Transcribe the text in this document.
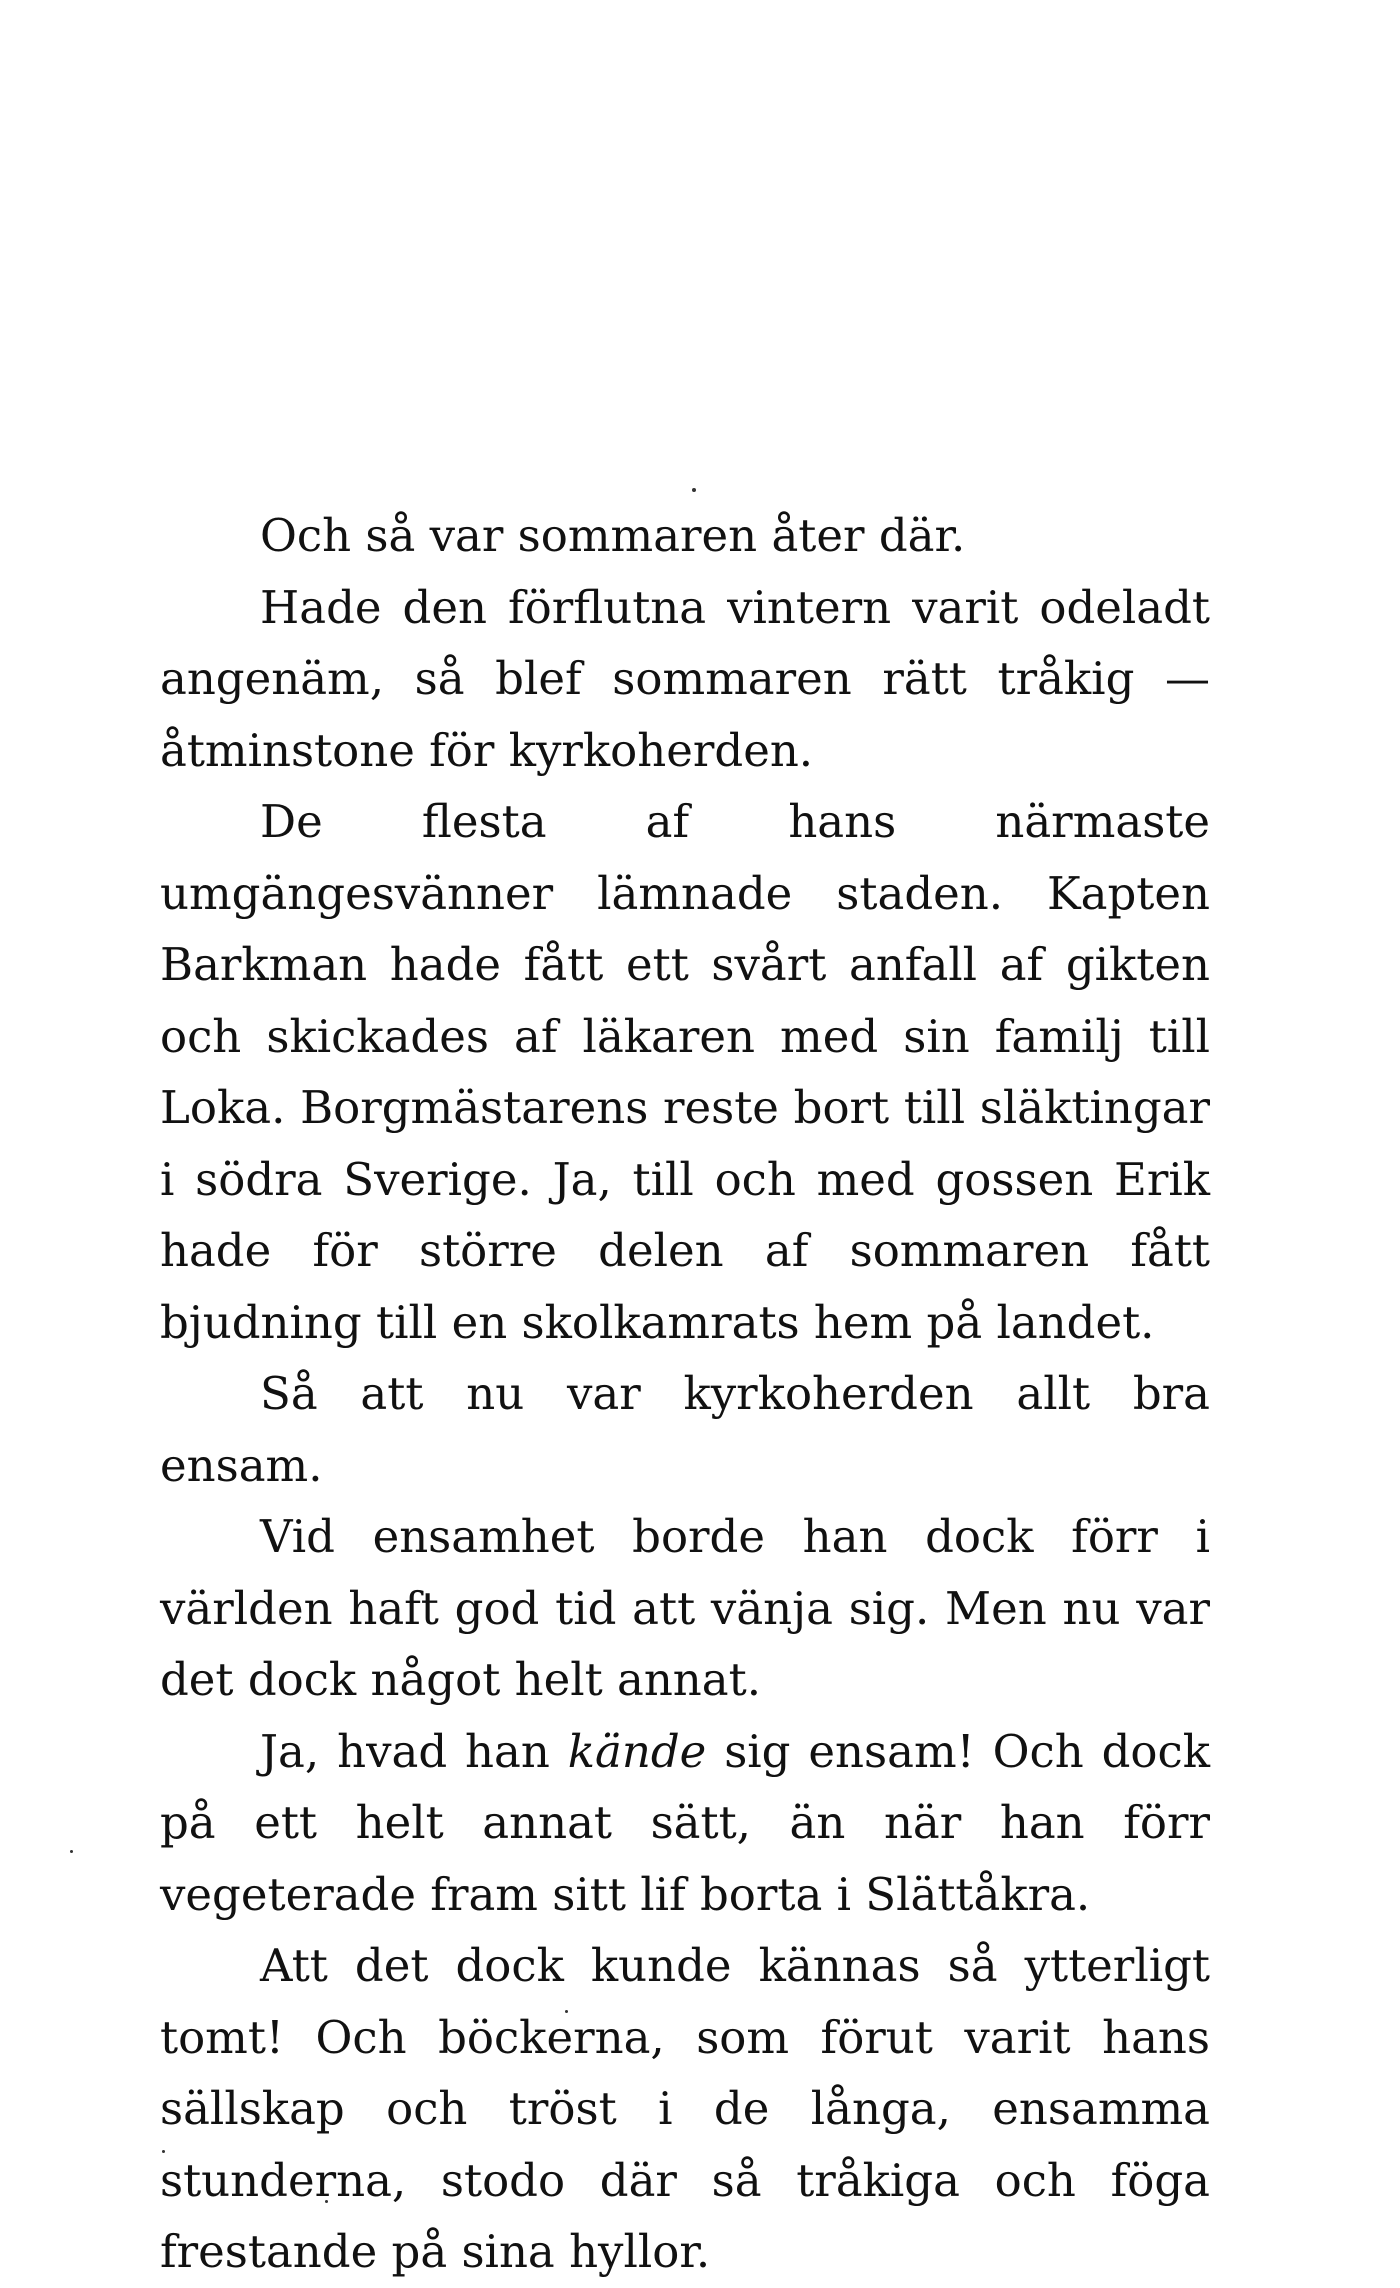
Och så var sommaren åter där.

Hade den förflutna vintern varit odeladt angenäm, så blef sommaren rätt tråkig — åtminstone för kyrkoherden.

De flesta af hans närmaste umgängesvänner lämnade staden. Kapten Barkman hade fått ett svårt anfall af gikten och skickades af läkaren med sin familj till Loka. Borgmästarens reste bort till släktingar i södra Sverige. Ja, till och med gossen Erik hade för större delen af sommaren fått bjudning till en skolkamrats hem på landet.

Så att nu var kyrkoherden allt bra ensam.

Vid ensamhet borde han dock förr i världen haft god tid att vänja sig. Men nu var det dock något helt annat.

Ja, hvad han kände sig ensam! Och dock på ett helt annat sätt, än när han förr vegeterade fram sitt lif borta i Slättåkra.

Att det dock kunde kännas så ytterligt tomt! Och böckerna, som förut varit hans sällskap och tröst i de långa, ensamma stunderna, stodo där så tråkiga och föga frestande på sina hyllor.
